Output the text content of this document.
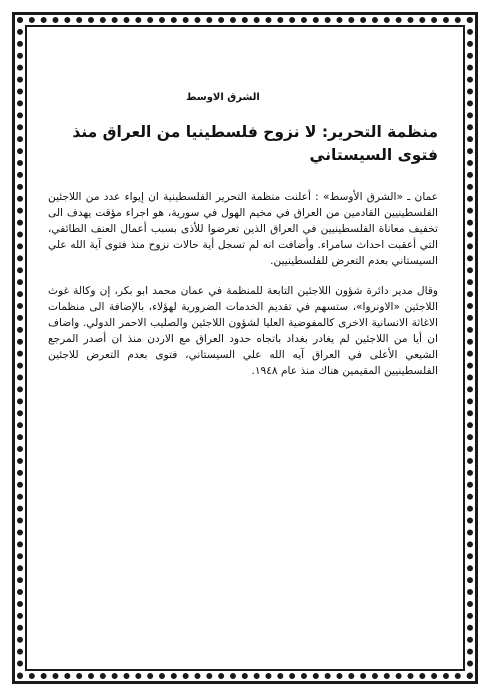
الشرق الاوسط

منظمة التحرير: لا نزوح فلسطينيا من العراق منذ فتوى السيستاني

عمان ـ «الشرق الأوسط» : أعلنت منظمة التحرير الفلسطينية ان إيواء عدد من اللاجئين الفلسطينيين القادمين من العراق في مخيم الهول في سورية، هو اجراء مؤقت يهدف الى تخفيف معاناة الفلسطينيين في العراق الذين تعرضوا للأذى بسبب أعمال العنف الطائفي، التي أعقبت احداث سامراء. وأضافت انه لم تسجل أية حالات نزوح منذ فتوى آية الله علي السيستاني بعدم التعرض للفلسطينيين.

وقال مدير دائرة شؤون اللاجئين التابعة للمنظمة في عمان محمد ابو بكر، إن وكالة غوث اللاجئين «الاونروا»، ستسهم في تقديم الخدمات الضرورية لهؤلاء، بالإضافة الى منظمات الاغاثة الانسانية الاخرى كالمفوضية العليا لشؤون اللاجئين والصليب الاحمر الدولي. واضاف ان أيا من اللاجئين لم يغادر بغداد باتجاه حدود العراق مع الاردن منذ ان أصدر المرجع الشيعي الأعلى في العراق آيه الله علي السيستاني، فتوى بعدم التعرض للاجئين الفلسطينيين المقيمين هناك منذ عام ١٩٤٨.
